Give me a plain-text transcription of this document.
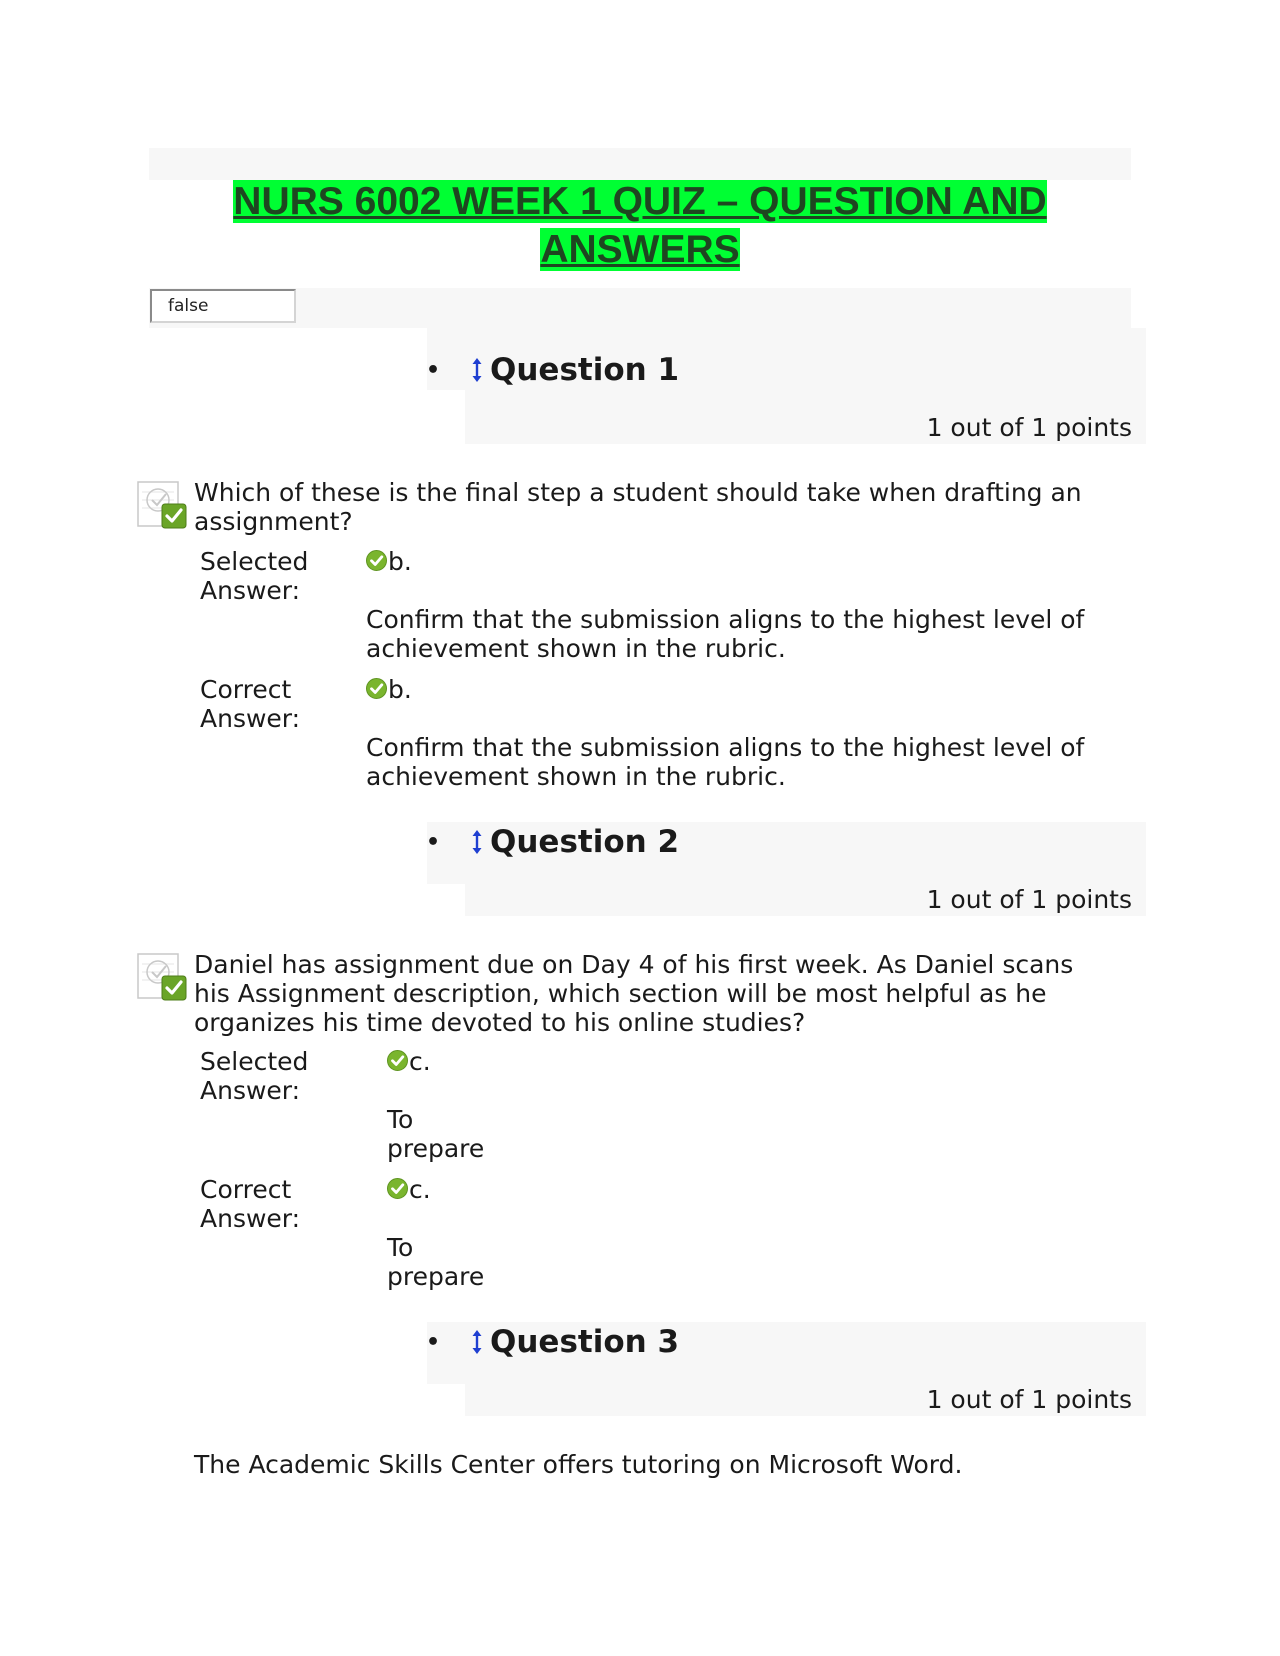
NURS 6002 WEEK 1 QUIZ – QUESTION AND ANSWERS
false
• Question 1
1 out of 1 points
Which of these is the final step a student should take when drafting an assignment?
Selected
Answer:
b.
Confirm that the submission aligns to the highest level of achievement shown in the rubric.
Correct
Answer:
b.
Confirm that the submission aligns to the highest level of achievement shown in the rubric.
• Question 2
1 out of 1 points
Daniel has assignment due on Day 4 of his first week. As Daniel scans his Assignment description, which section will be most helpful as he organizes his time devoted to his online studies?
Selected
Answer:
c.
To prepare
Correct
Answer:
c.
To prepare
• Question 3
1 out of 1 points
The Academic Skills Center offers tutoring on Microsoft Word.
